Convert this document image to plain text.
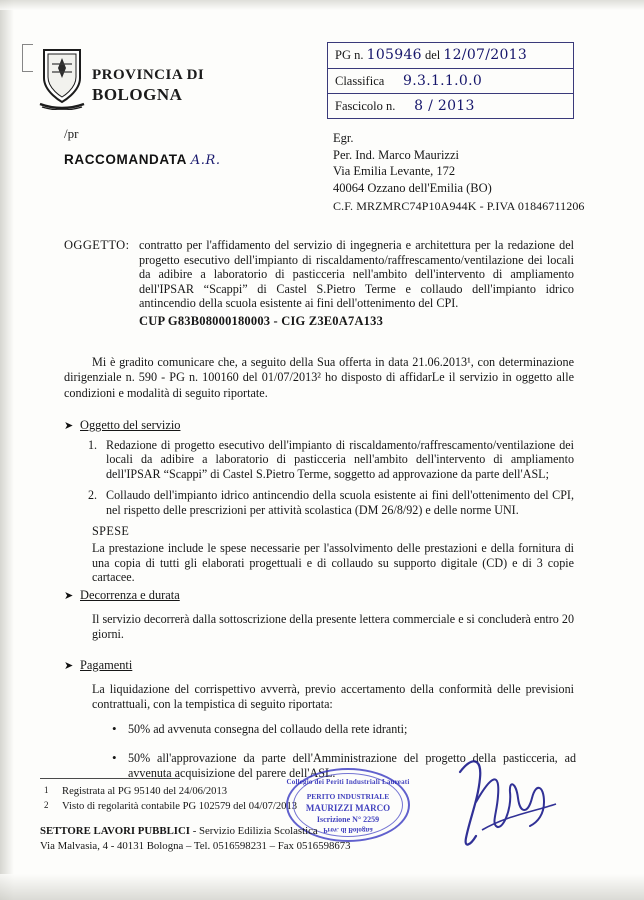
PROVINCIA DI
BOLOGNA
/pr
RACCOMANDATA A.R.
PG n. 105946 del 12/07/2013
Classifica 9.3.1.1.0.0
Fascicolo n. 8 / 2013
Egr.
Per. Ind. Marco Maurizzi
Via Emilia Levante, 172
40064 Ozzano dell'Emilia (BO)
C.F. MRZMRC74P10A944K - P.IVA 01846711206
OGGETTO: contratto per l'affidamento del servizio di ingegneria e architettura per la redazione del progetto esecutivo dell'impianto di riscaldamento/raffrescamento/ventilazione dei locali da adibire a laboratorio di pasticceria nell'ambito dell'intervento di ampliamento dell'IPSAR “Scappi” di Castel S.Pietro Terme e collaudo dell'impianto idrico antincendio della scuola esistente ai fini dell'ottenimento del CPI.
CUP G83B08000180003 - CIG Z3E0A7A133
Mi è gradito comunicare che, a seguito della Sua offerta in data 21.06.2013¹, con determinazione dirigenziale n. 590 - PG n. 100160 del 01/07/2013² ho disposto di affidarLe il servizio in oggetto alle condizioni e modalità di seguito riportate.
➤ Oggetto del servizio
1. Redazione di progetto esecutivo dell'impianto di riscaldamento/raffrescamento/ventilazione dei locali da adibire a laboratorio di pasticceria nell'ambito dell'intervento di ampliamento dell'IPSAR “Scappi” di Castel S.Pietro Terme, soggetto ad approvazione da parte dell'ASL;
2. Collaudo dell'impianto idrico antincendio della scuola esistente ai fini dell'ottenimento del CPI, nel rispetto delle prescrizioni per attività scolastica (DM 26/8/92) e delle norme UNI.
SPESE
La prestazione include le spese necessarie per l'assolvimento delle prestazioni e della fornitura di una copia di tutti gli elaborati progettuali e di collaudo su supporto digitale (CD) e di 3 copie cartacee.
➤ Decorrenza e durata
Il servizio decorrerà dalla sottoscrizione della presente lettera commerciale e si concluderà entro 20 giorni.
➤ Pagamenti
La liquidazione del corrispettivo avverrà, previo accertamento della conformità delle previsioni contrattuali, con la tempistica di seguito riportata:
• 50% ad avvenuta consegna del collaudo della rete idranti;
• 50% all'approvazione da parte dell'Amministrazione del progetto della pasticceria, ad avvenuta acquisizione del parere dell'ASL.
1 Registrata al PG 95140 del 24/06/2013
2 Visto di regolarità contabile PG 102579 del 04/07/2013
Collegio dei Periti Industriali Laureati
PERITO INDUSTRIALE
MAURIZZI MARCO
Iscrizione N° 2259
Prov. di Bologna
SETTORE LAVORI PUBBLICI - Servizio Edilizia Scolastica
Via Malvasia, 4 - 40131 Bologna – Tel. 0516598231 – Fax 0516598673
